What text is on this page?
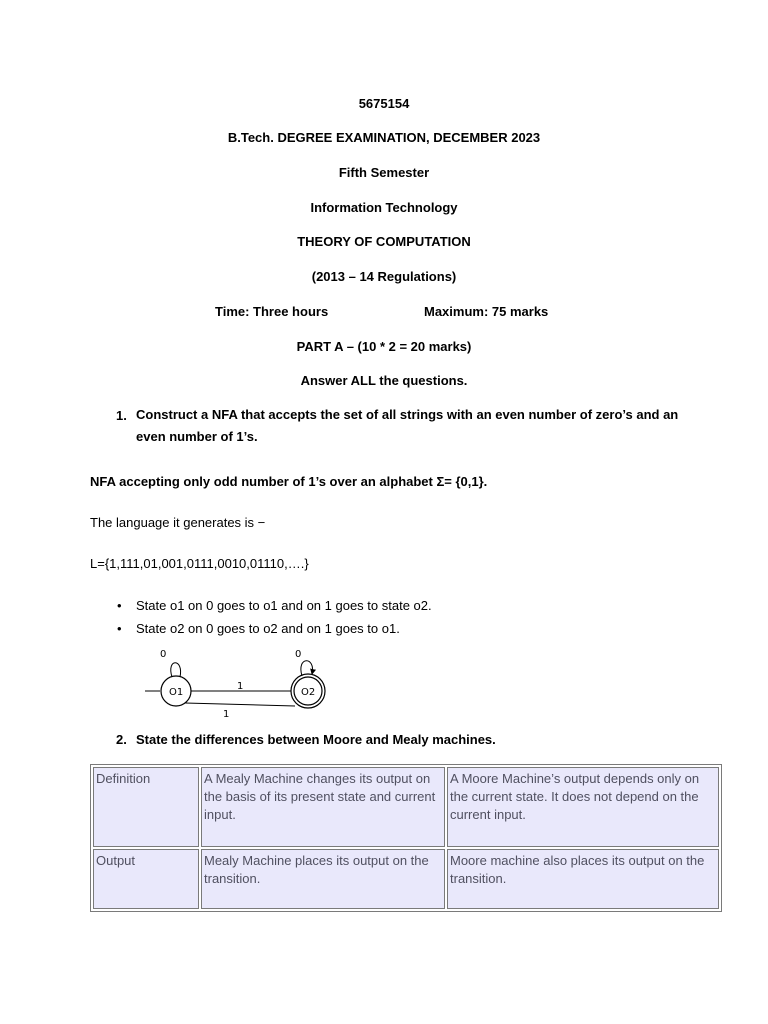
5675154
B.Tech. DEGREE EXAMINATION, DECEMBER 2023
Fifth Semester
Information Technology
THEORY OF COMPUTATION
(2013 – 14 Regulations)
Time: Three hours	Maximum: 75 marks
PART A – (10 * 2 = 20 marks)
Answer ALL the questions.
1. Construct a NFA that accepts the set of all strings with an even number of zero’s and an even number of 1’s.
NFA accepting only odd number of 1’s over an alphabet Σ= {0,1}.
The language it generates is −
L={1,111,01,001,0111,0010,01110,….}
• State o1 on 0 goes to o1 and on 1 goes to state o2.
• State o2 on 0 goes to o2 and on 1 goes to o1.
0	0
1
1
O1	O2
2. State the differences between Moore and Mealy machines.
Definition	A Mealy Machine changes its output on the basis of its present state and current input.	A Moore Machine’s output depends only on the current state. It does not depend on the current input.
Output	Mealy Machine places its output on the transition.	Moore machine also places its output on the transition.
